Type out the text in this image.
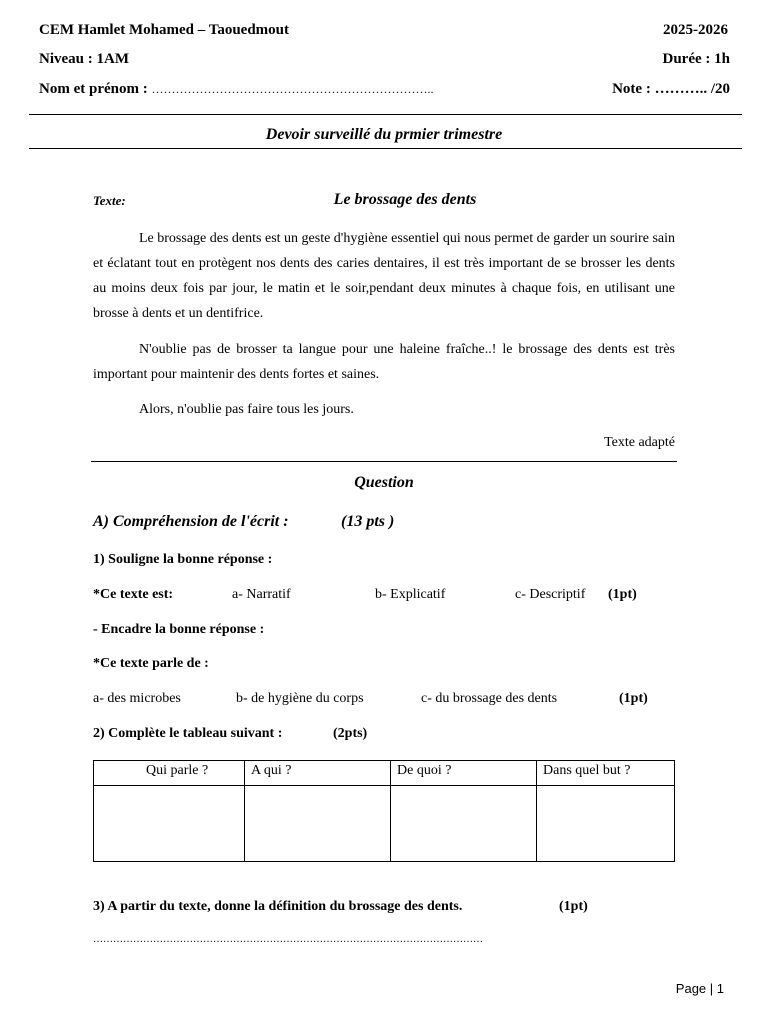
CEM Hamlet Mohamed – Taouedmout	2025-2026
Niveau : 1AM	Durée : 1h
Nom et prénom : ……………………………………………………………..	Note : ……….. /20
Devoir surveillé du prmier trimestre
Texte:	Le brossage des dents
Le brossage des dents est un geste d'hygiène essentiel qui nous permet de garder un sourire sain et éclatant tout en protègent nos dents des caries dentaires, il est très important de se brosser les dents au moins deux fois par jour, le matin et le soir,pendant deux minutes à chaque fois, en utilisant une brosse à dents et un dentifrice.
N'oublie pas de brosser ta langue pour une haleine fraîche..! le brossage des dents est très important pour maintenir des dents fortes et saines.
Alors, n'oublie pas faire tous les jours.
Texte adapté
Question
A) Compréhension de l'écrit :	(13 pts )
1) Souligne la bonne réponse :
*Ce texte est:	a- Narratif	b- Explicatif	c- Descriptif (1pt)
- Encadre la bonne réponse :
*Ce texte parle de :
a- des microbes	b- de hygiène du corps	c- du brossage des dents	(1pt)
2) Complète le tableau suivant :	(2pts)
Qui parle ?	A qui ?	De quoi ?	Dans quel but ?

3) A partir du texte, donne la définition du brossage des dents.	(1pt)
………………………………………………………………………………………………………
Page | 1
